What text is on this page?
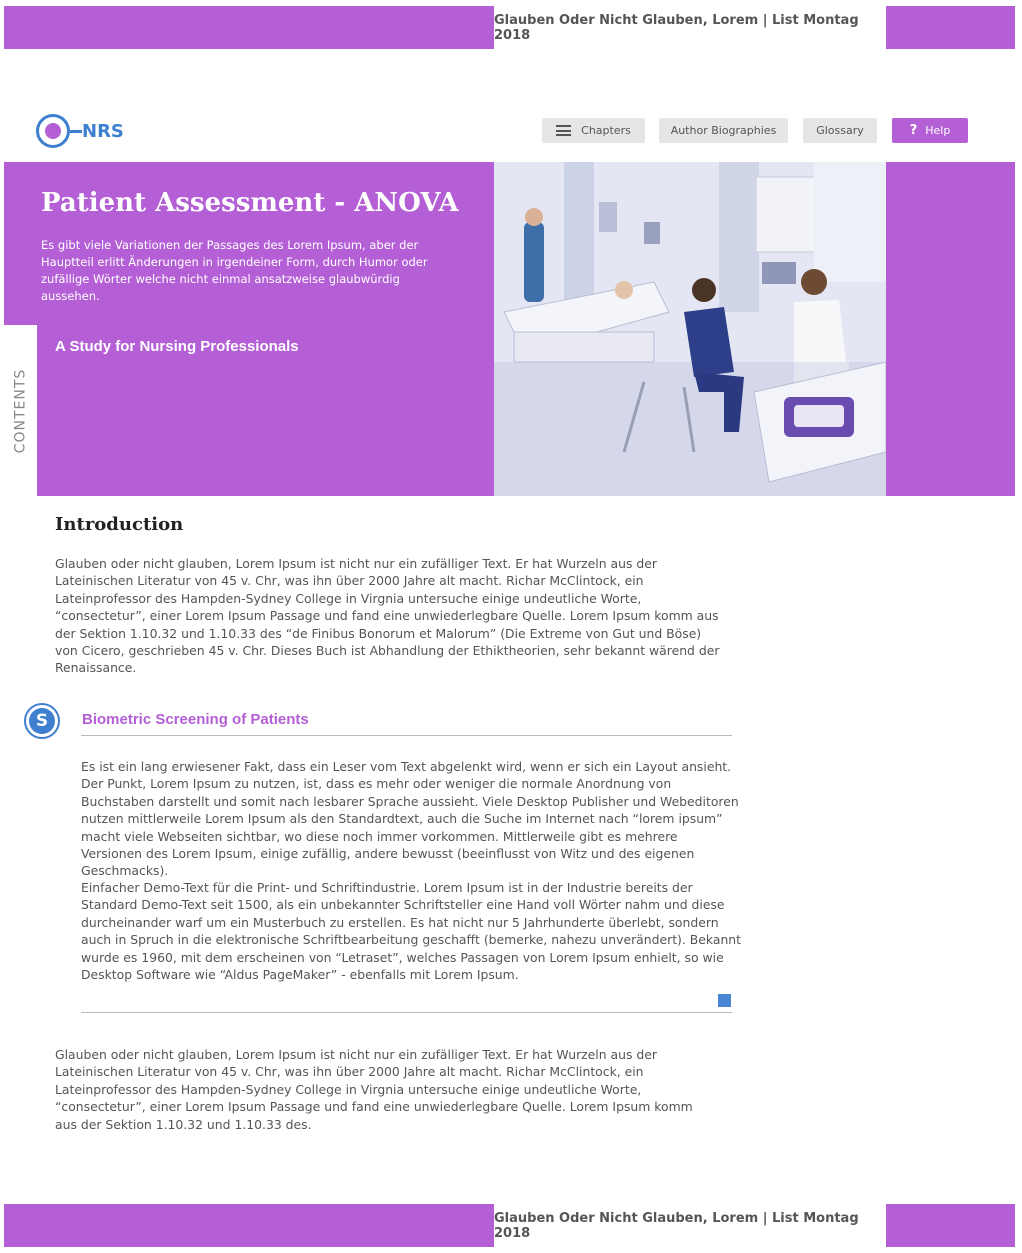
Glauben Oder Nicht Glauben, Lorem | List Montag 2018
NRS	Chapters	Author Biographies	Glossary	? Help
CONTENTS
Patient Assessment - ANOVA
Es gibt viele Variationen der Passages des Lorem Ipsum, aber der Hauptteil erlitt Änderungen in irgendeiner Form, durch Humor oder zufällige Wörter welche nicht einmal ansatzweise glaubwürdig aussehen.
A Study for Nursing Professionals
Introduction
Glauben oder nicht glauben, Lorem Ipsum ist nicht nur ein zufälliger Text. Er hat Wurzeln aus der Lateinischen Literatur von 45 v. Chr, was ihn über 2000 Jahre alt macht. Richar McClintock, ein Lateinprofessor des Hampden-Sydney College in Virgnia untersuche einige undeutliche Worte, “consectetur”, einer Lorem Ipsum Passage und fand eine unwiederlegbare Quelle. Lorem Ipsum komm aus der Sektion 1.10.32 und 1.10.33 des “de Finibus Bonorum et Malorum” (Die Extreme von Gut und Böse) von Cicero, geschrieben 45 v. Chr. Dieses Buch ist Abhandlung der Ethiktheorien, sehr bekannt wärend der Renaissance.
S	Biometric Screening of Patients
Es ist ein lang erwiesener Fakt, dass ein Leser vom Text abgelenkt wird, wenn er sich ein Layout ansieht. Der Punkt, Lorem Ipsum zu nutzen, ist, dass es mehr oder weniger die normale Anordnung von Buchstaben darstellt und somit nach lesbarer Sprache aussieht. Viele Desktop Publisher und Webeditoren nutzen mittlerweile Lorem Ipsum als den Standardtext, auch die Suche im Internet nach “lorem ipsum” macht viele Webseiten sichtbar, wo diese noch immer vorkommen. Mittlerweile gibt es mehrere Versionen des Lorem Ipsum, einige zufällig, andere bewusst (beeinflusst von Witz und des eigenen Geschmacks).
Einfacher Demo-Text für die Print- und Schriftindustrie. Lorem Ipsum ist in der Industrie bereits der Standard Demo-Text seit 1500, als ein unbekannter Schriftsteller eine Hand voll Wörter nahm und diese durcheinander warf um ein Musterbuch zu erstellen. Es hat nicht nur 5 Jahrhunderte überlebt, sondern auch in Spruch in die elektronische Schriftbearbeitung geschafft (bemerke, nahezu unverändert). Bekannt wurde es 1960, mit dem erscheinen von “Letraset”, welches Passagen von Lorem Ipsum enhielt, so wie Desktop Software wie “Aldus PageMaker” - ebenfalls mit Lorem Ipsum.
Glauben oder nicht glauben, Lorem Ipsum ist nicht nur ein zufälliger Text. Er hat Wurzeln aus der Lateinischen Literatur von 45 v. Chr, was ihn über 2000 Jahre alt macht. Richar McClintock, ein Lateinprofessor des Hampden-Sydney College in Virgnia untersuche einige undeutliche Worte, “consectetur”, einer Lorem Ipsum Passage und fand eine unwiederlegbare Quelle. Lorem Ipsum komm aus der Sektion 1.10.32 und 1.10.33 des.
Glauben Oder Nicht Glauben, Lorem | List Montag 2018
